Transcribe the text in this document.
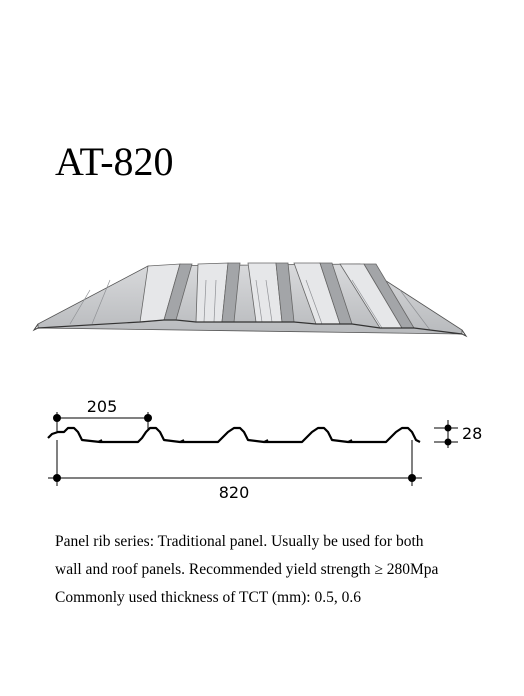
AT-820
205
28
820

Panel rib series: Traditional panel. Usually be used for both

wall and roof panels. Recommended yield strength ≥ 280Mpa

Commonly used thickness of TCT (mm): 0.5, 0.6
